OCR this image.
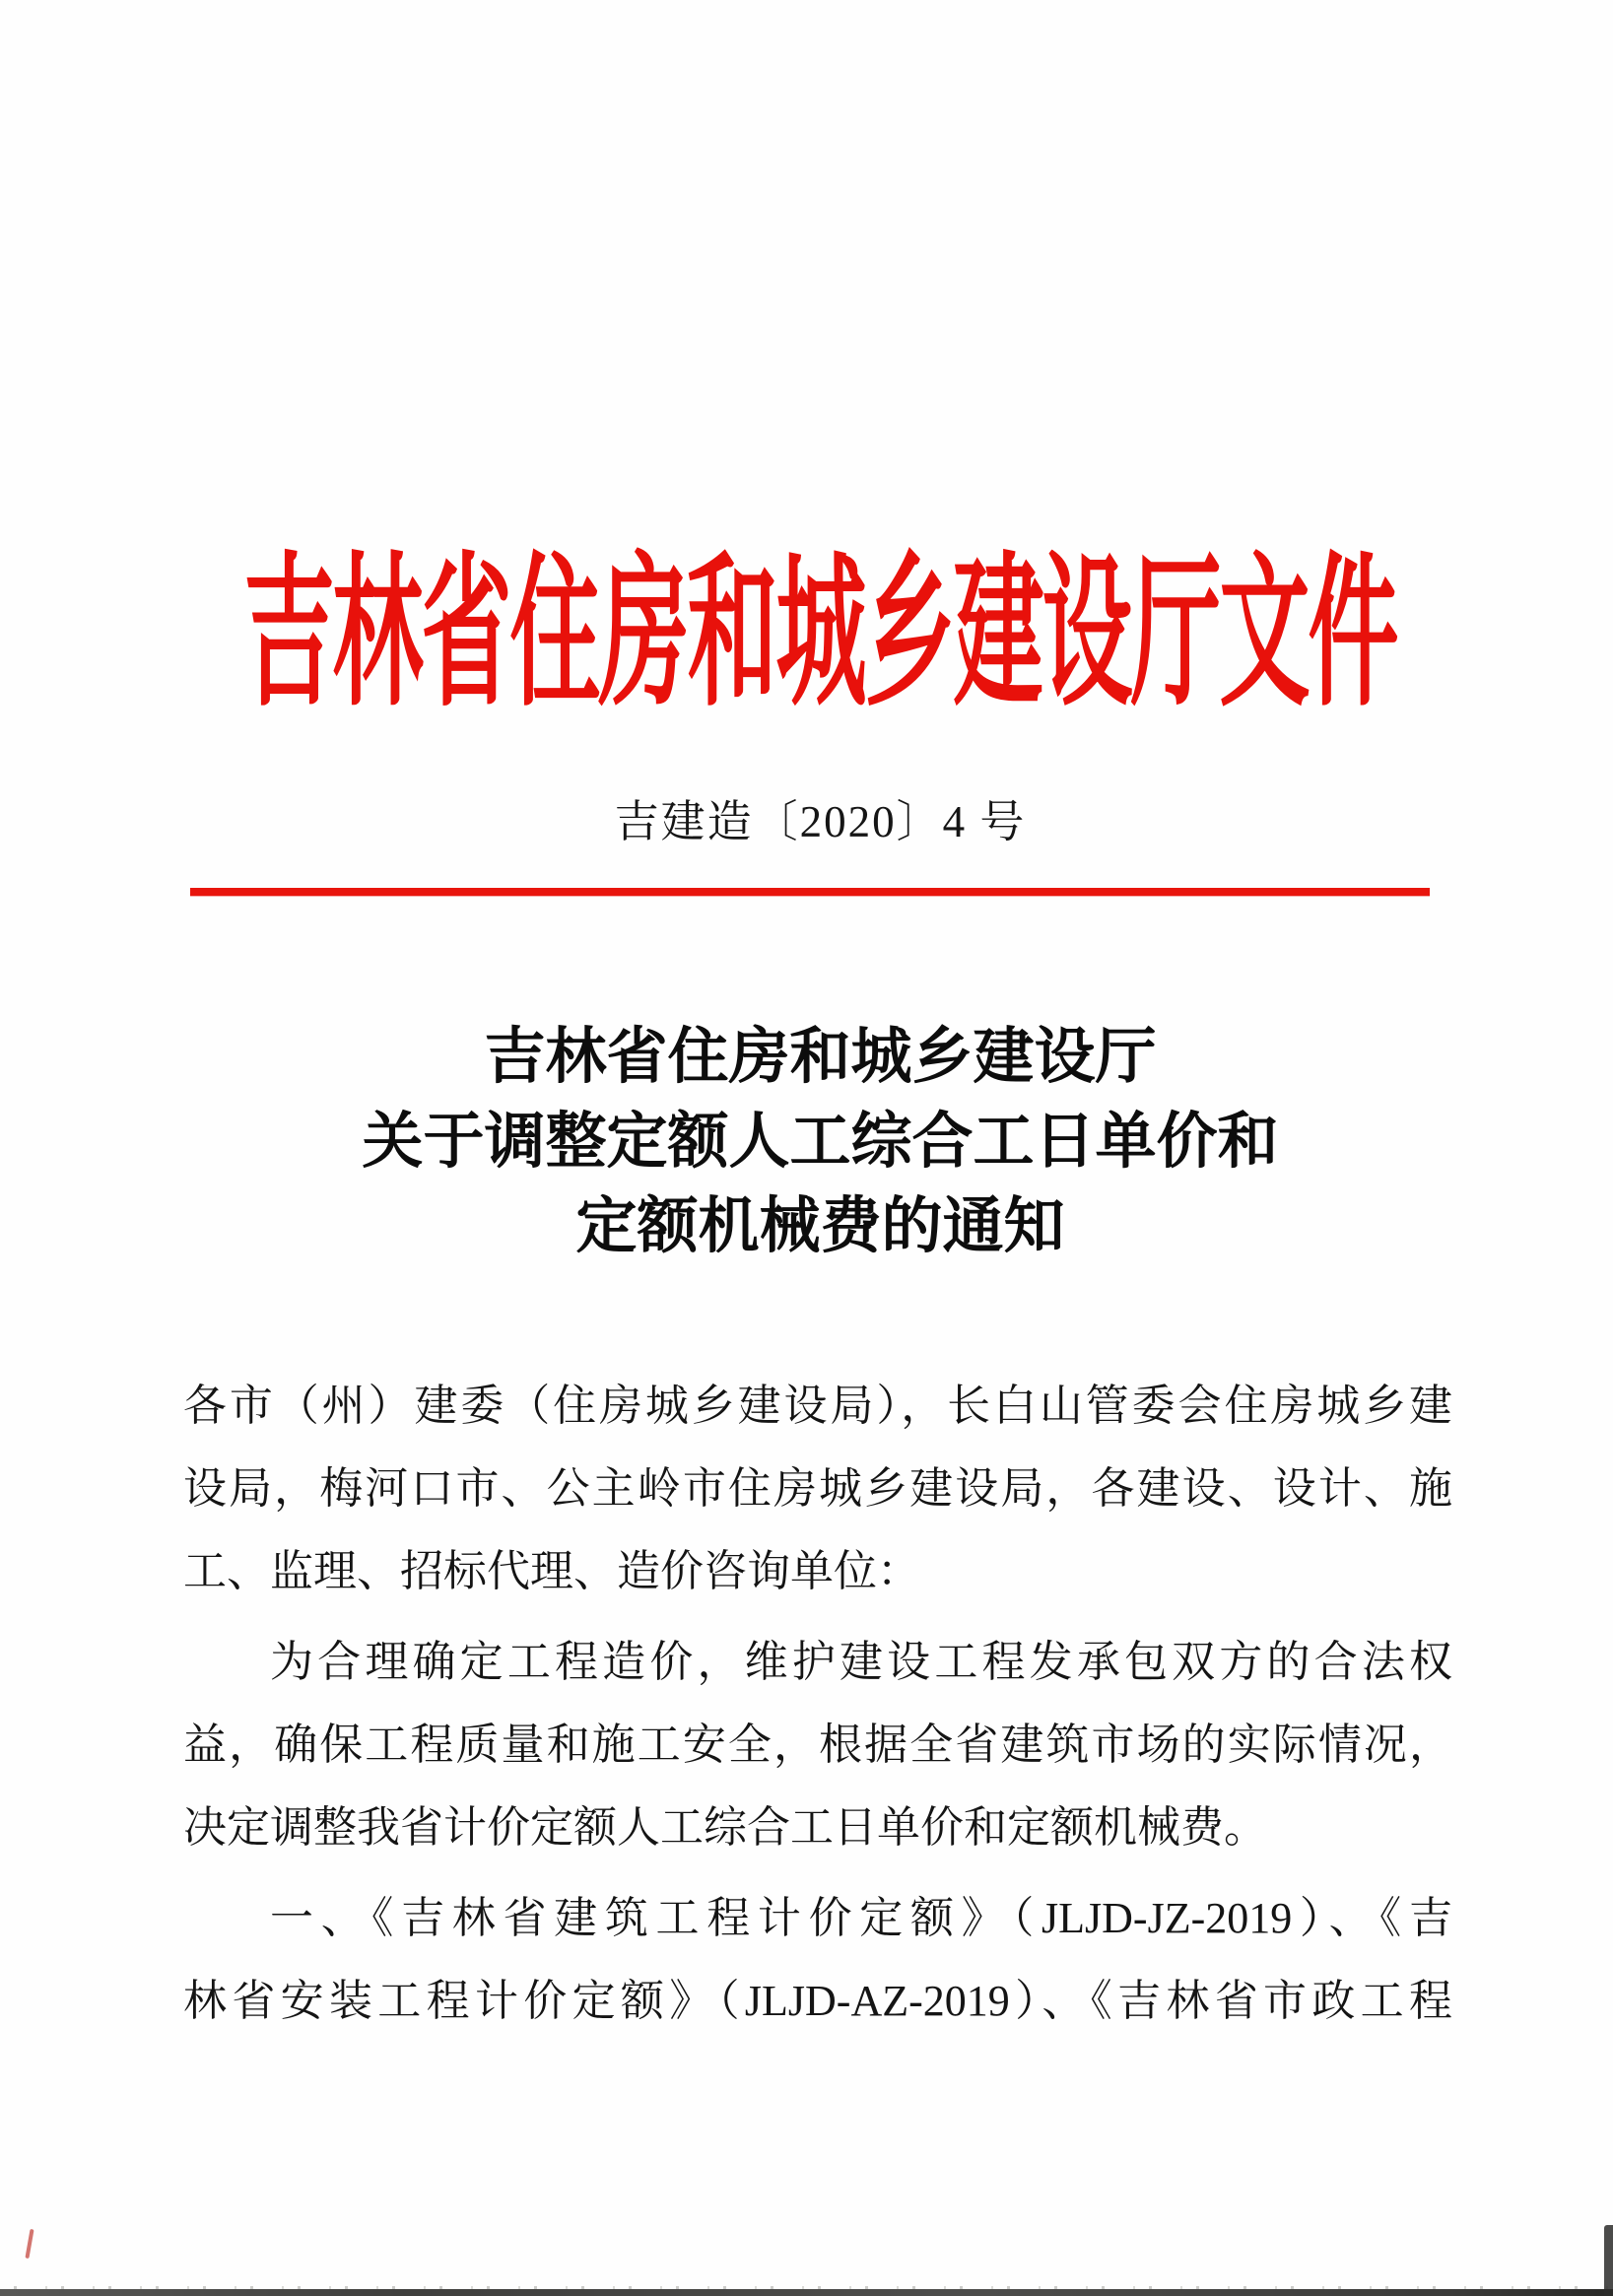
吉林省住房和城乡建设厅文件
吉建造〔2020〕4 号
吉林省住房和城乡建设厅
关于调整定额人工综合工日单价和
定额机械费的通知
各市（州）建委（住房城乡建设局），长白山管委会住房城乡建
设局，梅河口市、公主岭市住房城乡建设局，各建设、设计、施
工、监理、招标代理、造价咨询单位：
为合理确定工程造价，维护建设工程发承包双方的合法权
益，确保工程质量和施工安全，根据全省建筑市场的实际情况，
决定调整我省计价定额人工综合工日单价和定额机械费。
一、《吉林省建筑工程计价定额》（JLJD-JZ-2019）、《吉
林省安装工程计价定额》（JLJD-AZ-2019）、《吉林省市政工程
